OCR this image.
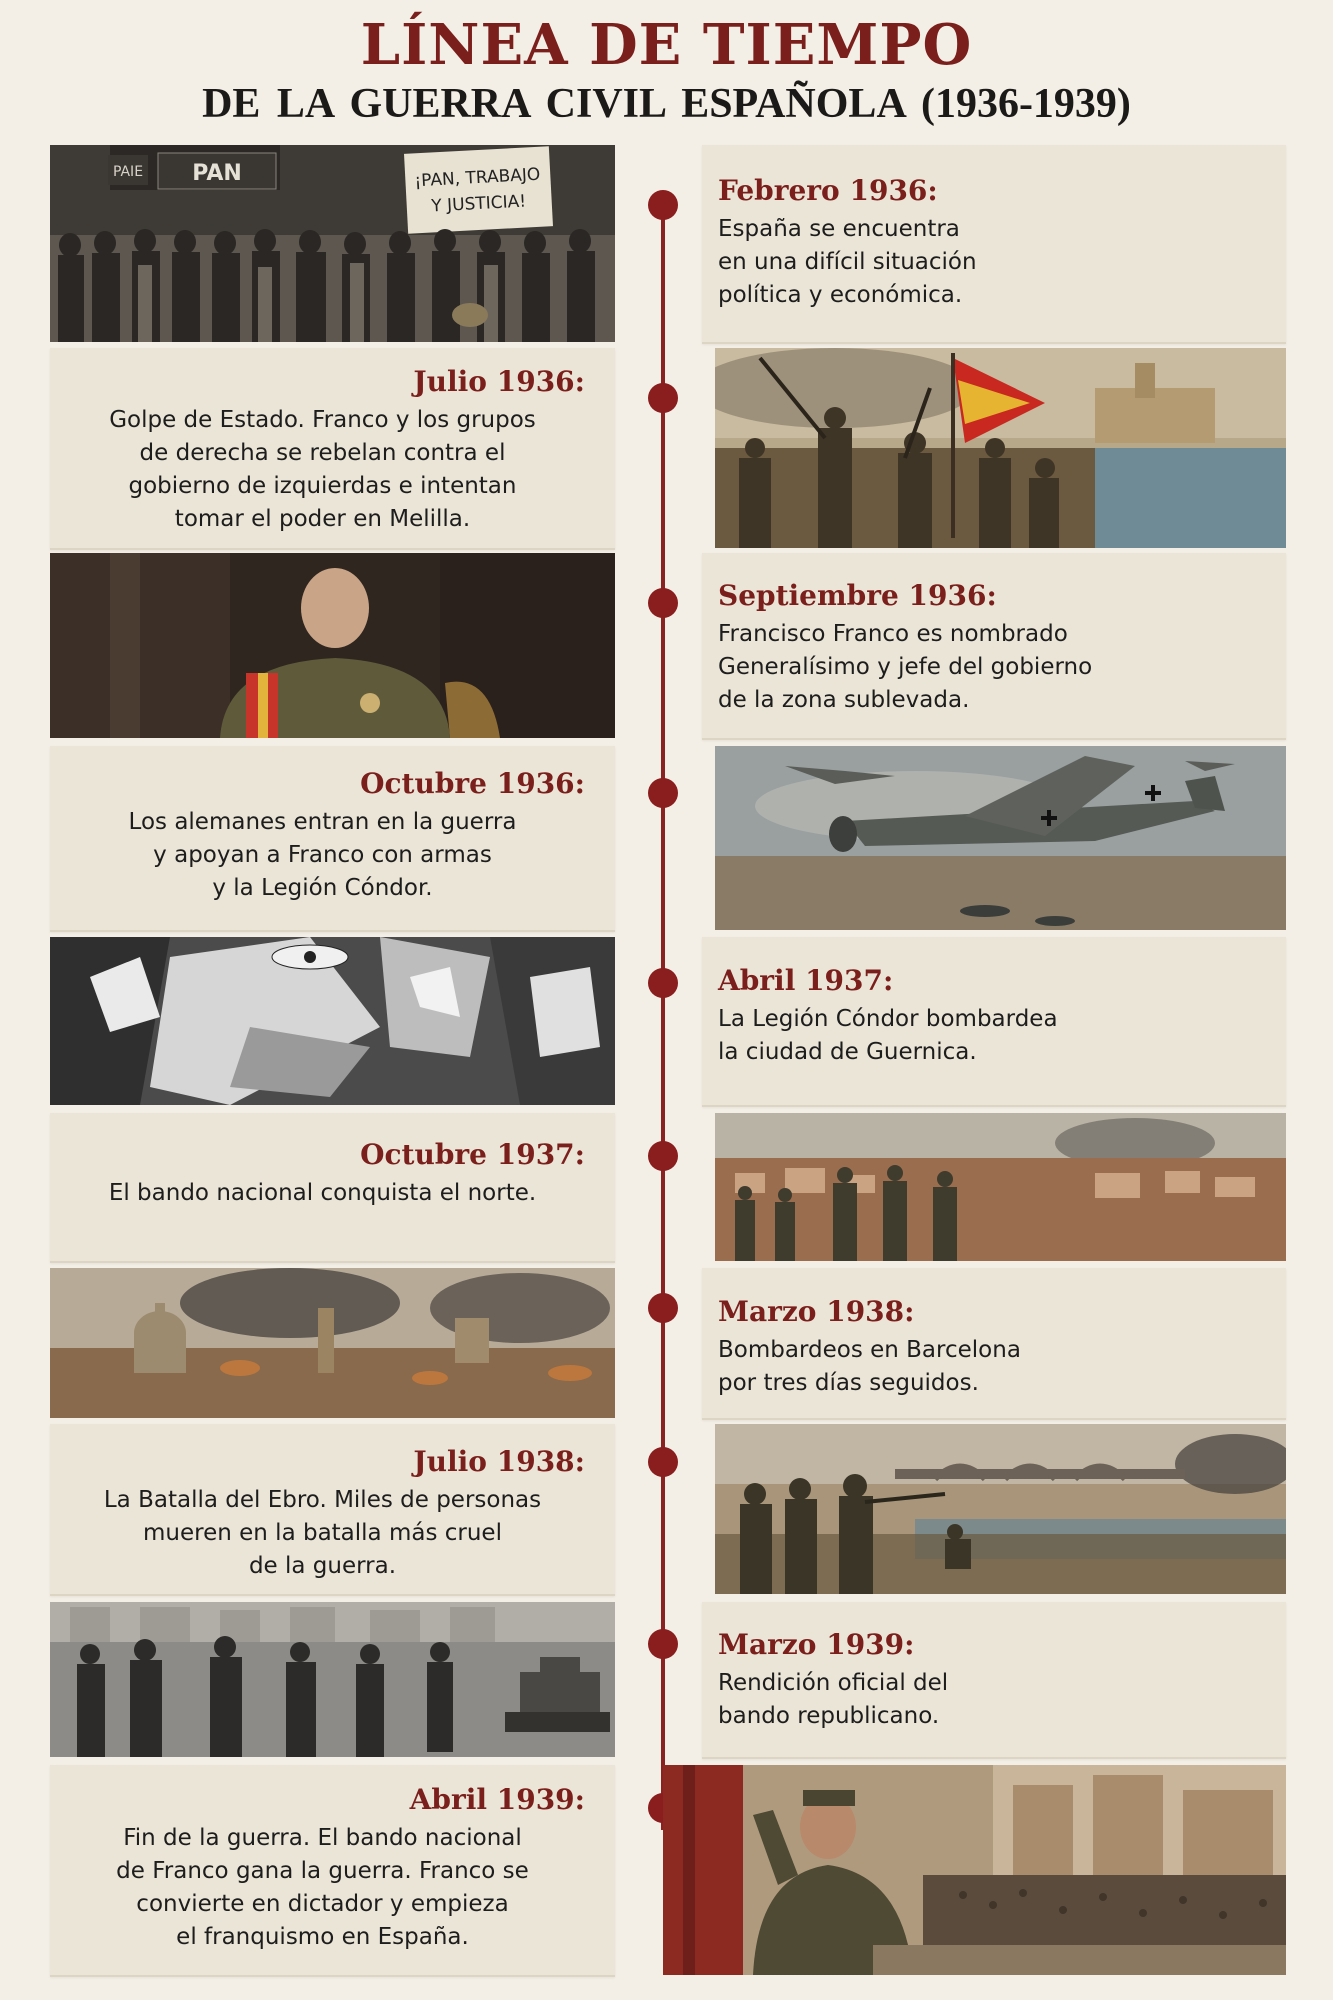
LÍNEA DE TIEMPO
DE LA GUERRA CIVIL ESPAÑOLA (1936-1939)
PAN
PAIE	¡PAN, TRABAJO
Y JUSTICIA!	Febrero 1936:
España se encuentra
en una difícil situación
política y económica.
Julio 1936:
Golpe de Estado. Franco y los grupos
de derecha se rebelan contra el
gobierno de izquierdas e intentan
tomar el poder en Melilla.
Septiembre 1936:
Francisco Franco es nombrado
Generalísimo y jefe del gobierno
de la zona sublevada.
Octubre 1936:
Los alemanes entran en la guerra
y apoyan a Franco con armas
y la Legión Cóndor.
Abril 1937:
La Legión Cóndor bombardea
la ciudad de Guernica.
Octubre 1937:
El bando nacional conquista el norte.
Marzo 1938:
Bombardeos en Barcelona
por tres días seguidos.
Julio 1938:
La Batalla del Ebro. Miles de personas
mueren en la batalla más cruel
de la guerra.
Marzo 1939:
Rendición oficial del
bando republicano.
Abril 1939:
Fin de la guerra. El bando nacional
de Franco gana la guerra. Franco se
convierte en dictador y empieza
el franquismo en España.
